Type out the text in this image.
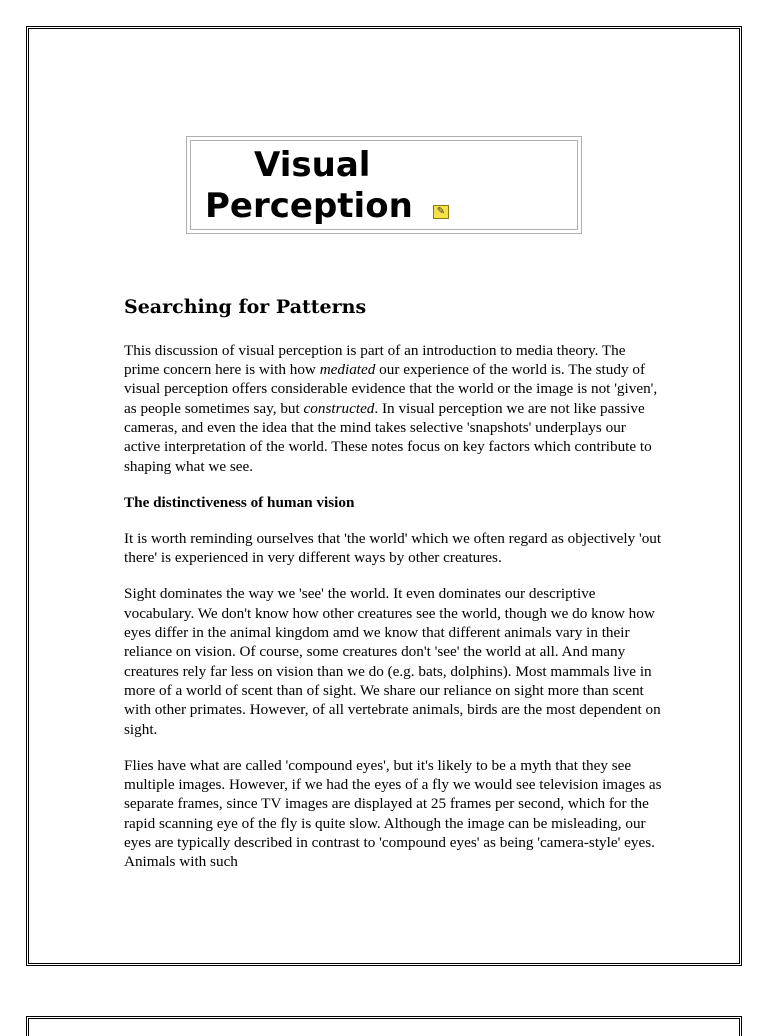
Visual
Perception	✎
Searching for Patterns

This discussion of visual perception is part of an introduction to media theory. The prime concern here is with how mediated our experience of the world is. The study of visual perception offers considerable evidence that the world or the image is not 'given', as people sometimes say, but constructed. In visual perception we are not like passive cameras, and even the idea that the mind takes selective 'snapshots' underplays our active interpretation of the world. These notes focus on key factors which contribute to shaping what we see.

The distinctiveness of human vision

It is worth reminding ourselves that 'the world' which we often regard as objectively 'out there' is experienced in very different ways by other creatures.

Sight dominates the way we 'see' the world. It even dominates our descriptive vocabulary. We don't know how other creatures see the world, though we do know how eyes differ in the animal kingdom amd we know that different animals vary in their reliance on vision. Of course, some creatures don't 'see' the world at all. And many creatures rely far less on vision than we do (e.g. bats, dolphins). Most mammals live in more of a world of scent than of sight. We share our reliance on sight more than scent with other primates. However, of all vertebrate animals, birds are the most dependent on sight.

Flies have what are called 'compound eyes', but it's likely to be a myth that they see multiple images. However, if we had the eyes of a fly we would see television images as separate frames, since TV images are displayed at 25 frames per second, which for the rapid scanning eye of the fly is quite slow. Although the image can be misleading, our eyes are typically described in contrast to 'compound eyes' as being 'camera-style' eyes. Animals with such
